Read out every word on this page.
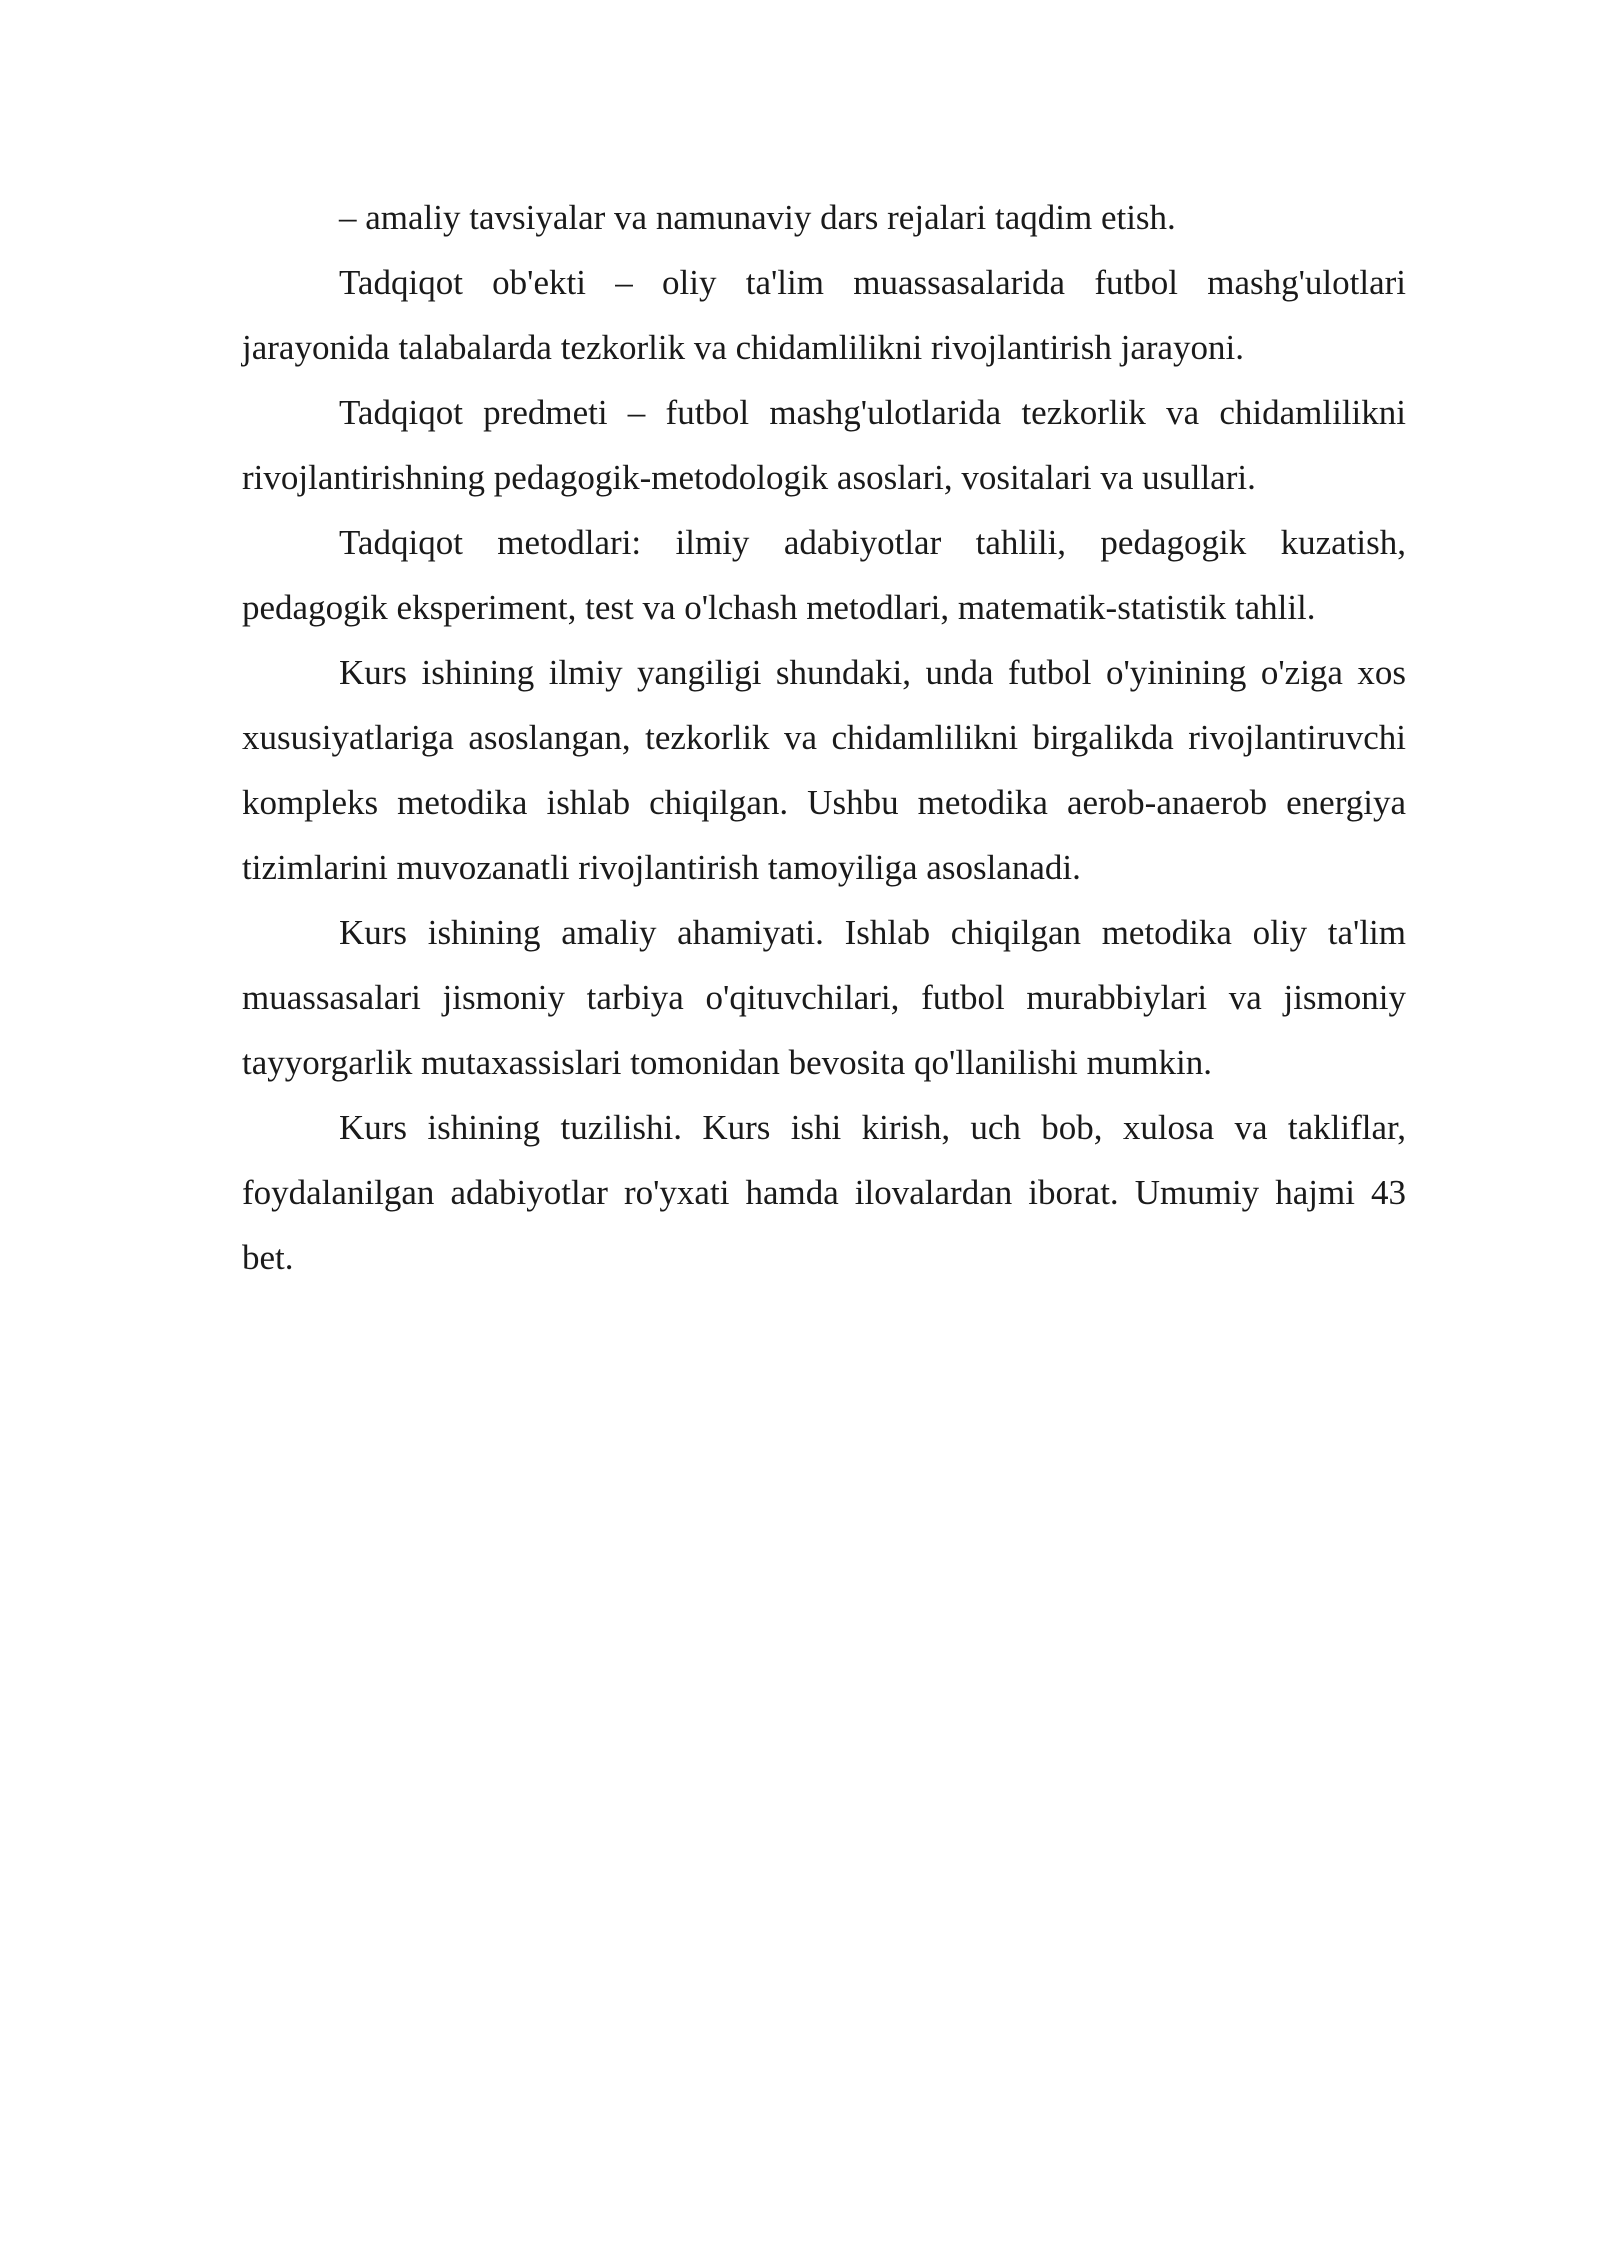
– amaliy tavsiyalar va namunaviy dars rejalari taqdim etish.

Tadqiqot ob'ekti – oliy ta'lim muassasalarida futbol mashg'ulotlari jarayonida talabalarda tezkorlik va chidamlilikni rivojlantirish jarayoni.

Tadqiqot predmeti – futbol mashg'ulotlarida tezkorlik va chidamlilikni rivojlantirishning pedagogik-metodologik asoslari, vositalari va usullari.

Tadqiqot metodlari: ilmiy adabiyotlar tahlili, pedagogik kuzatish, pedagogik eksperiment, test va o'lchash metodlari, matematik-statistik tahlil.

Kurs ishining ilmiy yangiligi shundaki, unda futbol o'yinining o'ziga xos xususiyatlariga asoslangan, tezkorlik va chidamlilikni birgalikda rivojlantiruvchi kompleks metodika ishlab chiqilgan. Ushbu metodika aerob-anaerob energiya tizimlarini muvozanatli rivojlantirish tamoyiliga asoslanadi.

Kurs ishining amaliy ahamiyati. Ishlab chiqilgan metodika oliy ta'lim muassasalari jismoniy tarbiya o'qituvchilari, futbol murabbiylari va jismoniy tayyorgarlik mutaxassislari tomonidan bevosita qo'llanilishi mumkin.

Kurs ishining tuzilishi. Kurs ishi kirish, uch bob, xulosa va takliflar, foydalanilgan adabiyotlar ro'yxati hamda ilovalardan iborat. Umumiy hajmi 43 bet.
